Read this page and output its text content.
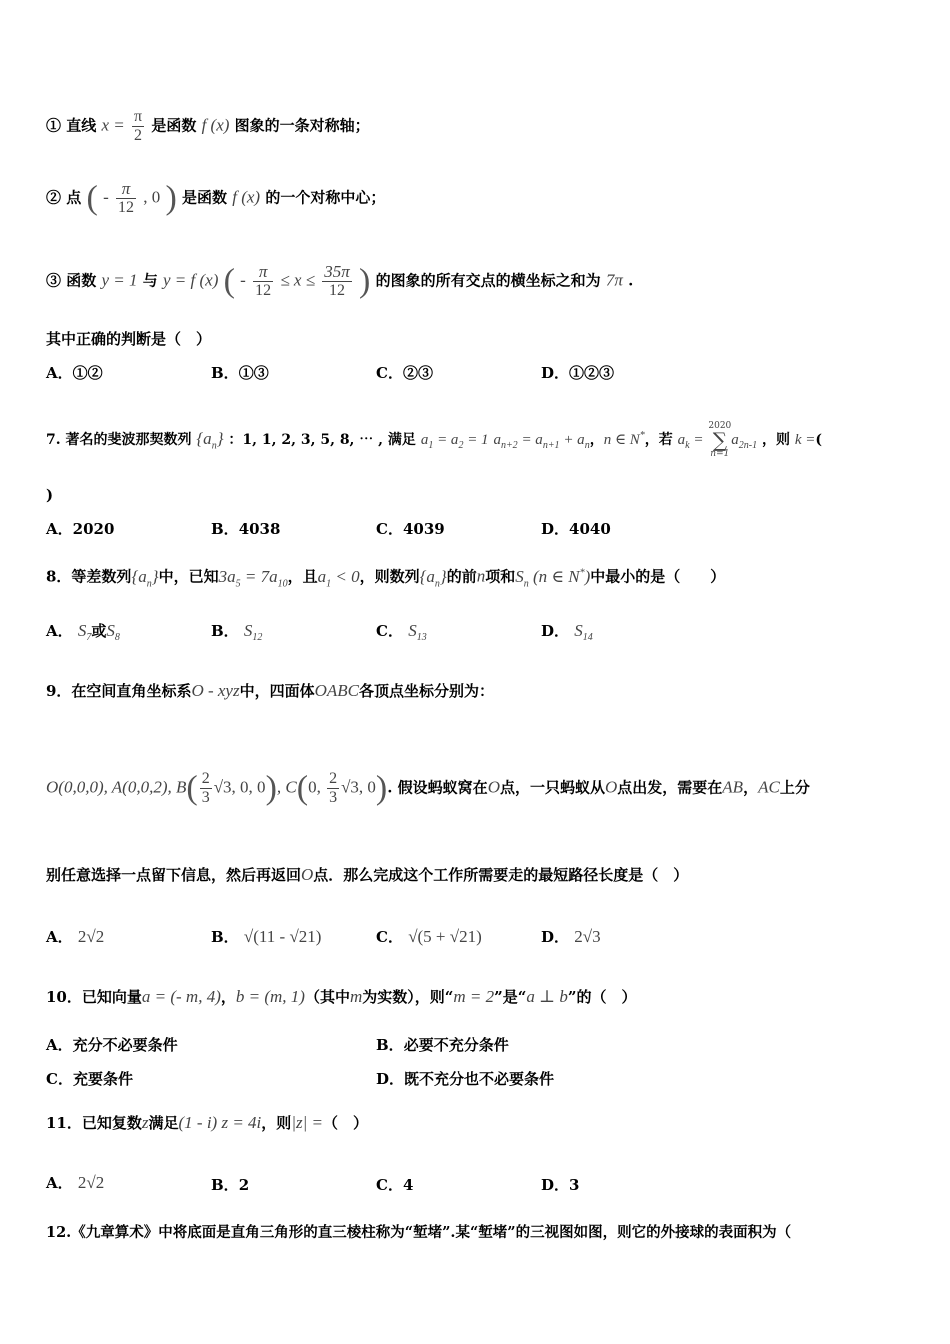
① 直线 $x = \frac{\pi}{2}$ 是函数 f (x) 图象的一条对称轴；
② 点 ( - $\frac{\pi}{12}$ , 0 ) 是函数 f (x) 的一个对称中心；
③ 函数 y = 1 与 y = f (x) ( - $\frac{\pi}{12} \le x \le \frac{35\pi}{12}$ ) 的图象的所有交点的横坐标之和为 7π .
其中正确的判断是（　）
A．①②	B．①③	C．②③	D．①②③
7. 著名的斐波那契数列 $\{a_n\}$ ：1, 1, 2, 3, 5, 8, ⋯ , 满足 $a_1 = a_2 = 1$ $a_{n+2} = a_{n+1} + a_n$，n ∈ N*，若 $a_k$ =
2020
∑
n=1
$a_{2n-1}$ ，则 k =(
)
A．2020	B．4038	C．4039	D．4040
8．等差数列$\{a_n\}$中，已知$3a_5 = 7a_{10}$，且$a_1 < 0$，则数列$\{a_n\}$的前n项和$S_n$ (n ∈ N*)中最小的是（　　）
A． $S_7$或$S_8$	B． $S_{12}$	C． $S_{13}$	D． $S_{14}$
9．在空间直角坐标系O - xyz中，四面体OABC各顶点坐标分别为：
O(0,0,0), A(0,0,2), $B( \frac{2}{3} √3$, 0, 0), C(0, $\frac{2}{3} √3$, 0). 假设蚂蚁窝在O点，一只蚂蚁从O点出发，需要在AB，AC上分
别任意选择一点留下信息，然后再返回O点．那么完成这个工作所需要走的最短路径长度是（　）
A． 2√2	B． √(11 - √21)	C． √(5 + √21)	D． 2√3
10．已知向量a = (- m, 4)，b = (m, 1)（其中m为实数），则“m = 2”是“a ⊥ b”的（　）
A．充分不必要条件	B．必要不充分条件
C．充要条件	D．既不充分也不必要条件
11．已知复数z满足(1 - i) z = 4i，则|z| =（　）
A． 2√2	B．2	C．4	D．3
12.《九章算术》中将底面是直角三角形的直三棱柱称为“堑堵”.某“堑堵”的三视图如图，则它的外接球的表面积为（
